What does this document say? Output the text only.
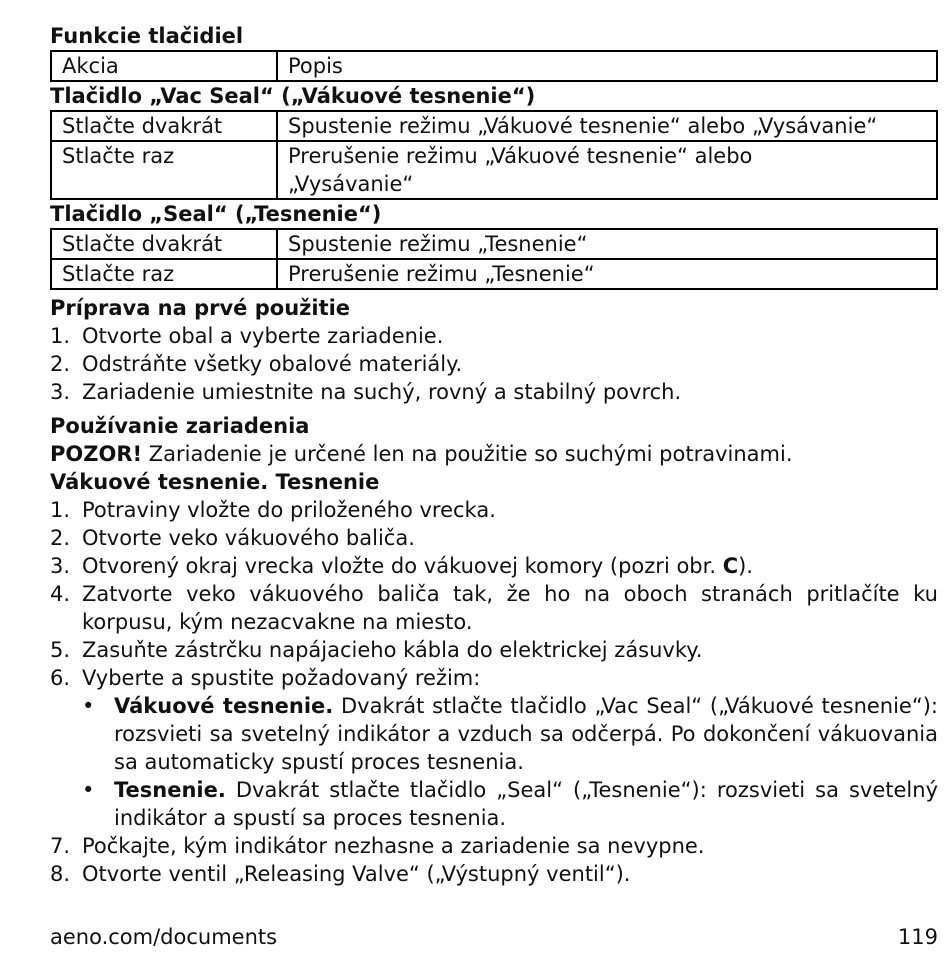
Funkcie tlačidiel
Akcia	Popis
Tlačidlo „Vac Seal“ („Vákuové tesnenie“)
Stlačte dvakrát	Spustenie režimu „Vákuové tesnenie“ alebo „Vysávanie“
Stlačte raz	Prerušenie režimu „Vákuové tesnenie“ alebo „Vysávanie“
Tlačidlo „Seal“ („Tesnenie“)
Stlačte dvakrát	Spustenie režimu „Tesnenie“
Stlačte raz	Prerušenie režimu „Tesnenie“
Príprava na prvé použitie
1. Otvorte obal a vyberte zariadenie.
2. Odstráňte všetky obalové materiály.
3. Zariadenie umiestnite na suchý, rovný a stabilný povrch.
Používanie zariadenia
POZOR! Zariadenie je určené len na použitie so suchými potravinami.
Vákuové tesnenie. Tesnenie
1. Potraviny vložte do priloženého vrecka.
2. Otvorte veko vákuového baliča.
3. Otvorený okraj vrecka vložte do vákuovej komory (pozri obr. C).
4. Zatvorte veko vákuového baliča tak, že ho na oboch stranách pritlačíte ku korpusu, kým nezacvakne na miesto.
5. Zasuňte zástrčku napájacieho kábla do elektrickej zásuvky.
6. Vyberte a spustite požadovaný režim:
• Vákuové tesnenie. Dvakrát stlačte tlačidlo „Vac Seal“ („Vákuové tesnenie“): rozsvieti sa svetelný indikátor a vzduch sa odčerpá. Po dokončení vákuovania sa automaticky spustí proces tesnenia.
• Tesnenie. Dvakrát stlačte tlačidlo „Seal“ („Tesnenie“): rozsvieti sa svetelný indikátor a spustí sa proces tesnenia.
7. Počkajte, kým indikátor nezhasne a zariadenie sa nevypne.
8. Otvorte ventil „Releasing Valve“ („Výstupný ventil“).
aeno.com/documents	119
